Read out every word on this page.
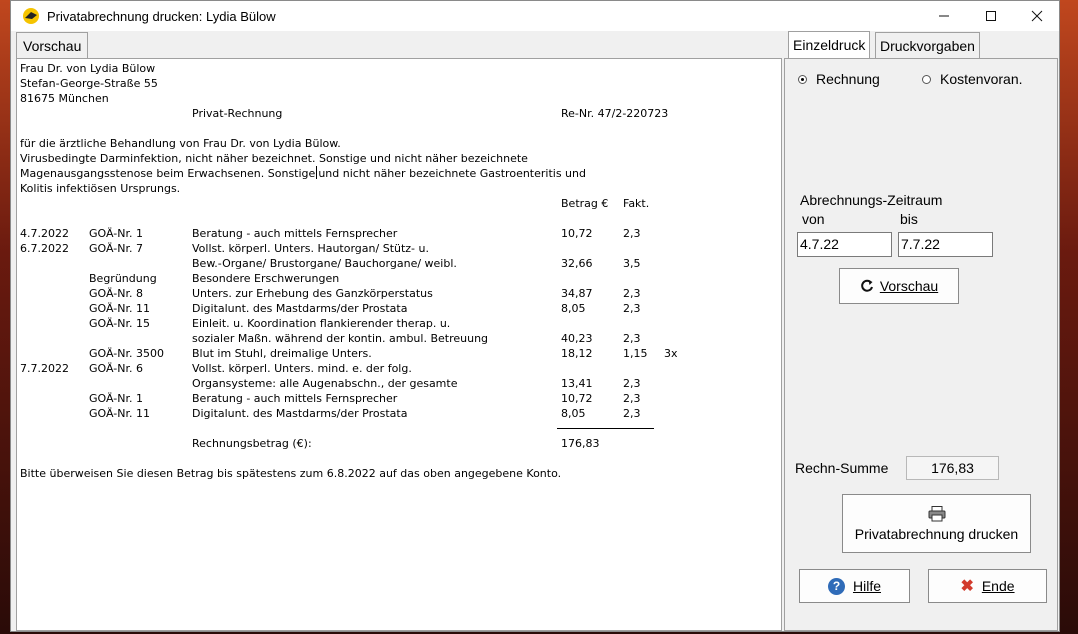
Privatabrechnung drucken: Lydia Bülow
Vorschau
Frau Dr. von Lydia Bülow
Stefan-George-Straße 55
81675 München
Privat-Rechnung	Re-Nr. 47/2-220723
für die ärztliche Behandlung von Frau Dr. von Lydia Bülow.
Virusbedingte Darminfektion, nicht näher bezeichnet. Sonstige und nicht näher bezeichnete
Magenausgangsstenose beim Erwachsenen. Sonstige und nicht näher bezeichnete Gastroenteritis und
Kolitis infektiösen Ursprungs.
Betrag € Fakt.
4.7.2022 GOÄ-Nr. 1	Beratung - auch mittels Fernsprecher	10,72	2,3
6.7.2022 GOÄ-Nr. 7	Vollst. körperl. Unters. Hautorgan/ Stütz- u.
Bew.-Organe/ Brustorgane/ Bauchorgane/ weibl.	32,66	3,5
Begründung	Besondere Erschwerungen
GOÄ-Nr. 8	Unters. zur Erhebung des Ganzkörperstatus	34,87	2,3
GOÄ-Nr. 11	Digitalunt. des Mastdarms/der Prostata	8,05	2,3
GOÄ-Nr. 15	Einleit. u. Koordination flankierender therap. u.
sozialer Maßn. während der kontin. ambul. Betreuung	40,23	2,3
GOÄ-Nr. 3500	Blut im Stuhl, dreimalige Unters.	18,12	1,15 3x
7.7.2022 GOÄ-Nr. 6	Vollst. körperl. Unters. mind. e. der folg.
Organsysteme: alle Augenabschn., der gesamte	13,41	2,3
GOÄ-Nr. 1	Beratung - auch mittels Fernsprecher	10,72	2,3
GOÄ-Nr. 11	Digitalunt. des Mastdarms/der Prostata	8,05	2,3
Rechnungsbetrag (€):	176,83
Bitte überweisen Sie diesen Betrag bis spätestens zum 6.8.2022 auf das oben angegebene Konto.
Einzeldruck	Druckvorgaben
Rechnung	Kostenvoran.
Abrechnungs-Zeitraum
von	bis
4.7.22	7.7.22
Vorschau
Rechn-Summe	176,83
Privatabrechnung drucken
? Hilfe	✖ Ende
